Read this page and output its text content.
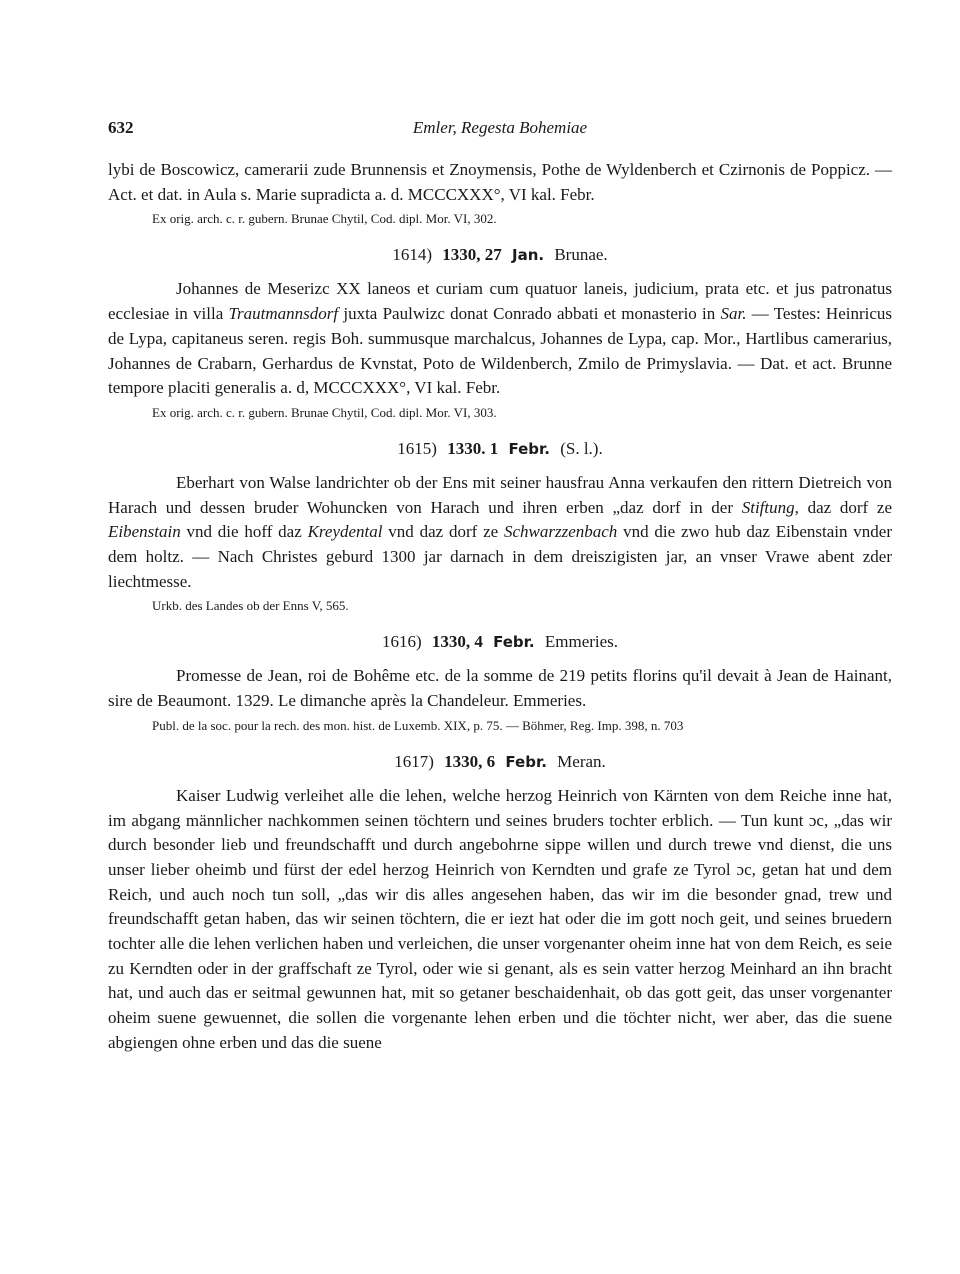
632	Emler, Regesta Bohemiae

lybi de Boscowicz, camerarii zude Brunnensis et Znoymensis, Pothe de Wyldenberch et Czirnonis de Poppicz. — Act. et dat. in Aula s. Marie supradicta a. d. MCCCXXX°, VI kal. Febr.

Ex orig. arch. c. r. gubern. Brunae Chytil, Cod. dipl. Mor. VI, 302.
1614) 1330, 27 Jan. Brunae.

Johannes de Meserizc XX laneos et curiam cum quatuor laneis, judicium, prata etc. et jus patronatus ecclesiae in villa Trautmannsdorf juxta Paulwizc donat Conrado abbati et monasterio in Sar. — Testes: Heinricus de Lypa, capitaneus seren. regis Boh. summusque marchalcus, Johannes de Lypa, cap. Mor., Hartlibus camerarius, Johannes de Crabarn, Gerhardus de Kvnstat, Poto de Wildenberch, Zmilo de Primyslavia. — Dat. et act. Brunne tempore placiti generalis a. d, MCCCXXX°, VI kal. Febr.

Ex orig. arch. c. r. gubern. Brunae Chytil, Cod. dipl. Mor. VI, 303.
1615) 1330. 1 Febr. (S. l.).

Eberhart von Walse landrichter ob der Ens mit seiner hausfrau Anna verkaufen den rittern Dietreich von Harach und dessen bruder Wohuncken von Harach und ihren erben „daz dorf in der Stiftung, daz dorf ze Eibenstain vnd die hoff daz Kreydental vnd daz dorf ze Schwarzzenbach vnd die zwo hub daz Eibenstain vnder dem holtz. — Nach Christes geburd 1300 jar darnach in dem dreiszigisten jar, an vnser Vrawe abent zder liechtmesse.

Urkb. des Landes ob der Enns V, 565.
1616) 1330, 4 Febr. Emmeries.

Promesse de Jean, roi de Bohême etc. de la somme de 219 petits florins qu'il devait à Jean de Hainant, sire de Beaumont. 1329. Le dimanche après la Chandeleur. Emmeries.

Publ. de la soc. pour la rech. des mon. hist. de Luxemb. XIX, p. 75. — Böhmer, Reg. Imp. 398, n. 703
1617) 1330, 6 Febr. Meran.

Kaiser Ludwig verleihet alle die lehen, welche herzog Heinrich von Kärnten von dem Reiche inne hat, im abgang männlicher nachkommen seinen töchtern und seines bruders tochter erblich. — Tun kunt ɔc, „das wir durch besonder lieb und freundschafft und durch angebohrne sippe willen und durch trewe vnd dienst, die uns unser lieber oheimb und fürst der edel herzog Heinrich von Kerndten und grafe ze Tyrol ɔc, getan hat und dem Reich, und auch noch tun soll, „das wir dis alles angesehen haben, das wir im die besonder gnad, trew und freundschafft getan haben, das wir seinen töchtern, die er iezt hat oder die im gott noch geit, und seines bruedern tochter alle die lehen verlichen haben und verleichen, die unser vorgenanter oheim inne hat von dem Reich, es seie zu Kerndten oder in der graffschaft ze Tyrol, oder wie si genant, als es sein vatter herzog Meinhard an ihn bracht hat, und auch das er seitmal gewunnen hat, mit so getaner beschaidenhait, ob das gott geit, das unser vorgenanter oheim suene gewuennet, die sollen die vorgenante lehen erben und die töchter nicht, wer aber, das die suene abgiengen ohne erben und das die suene
